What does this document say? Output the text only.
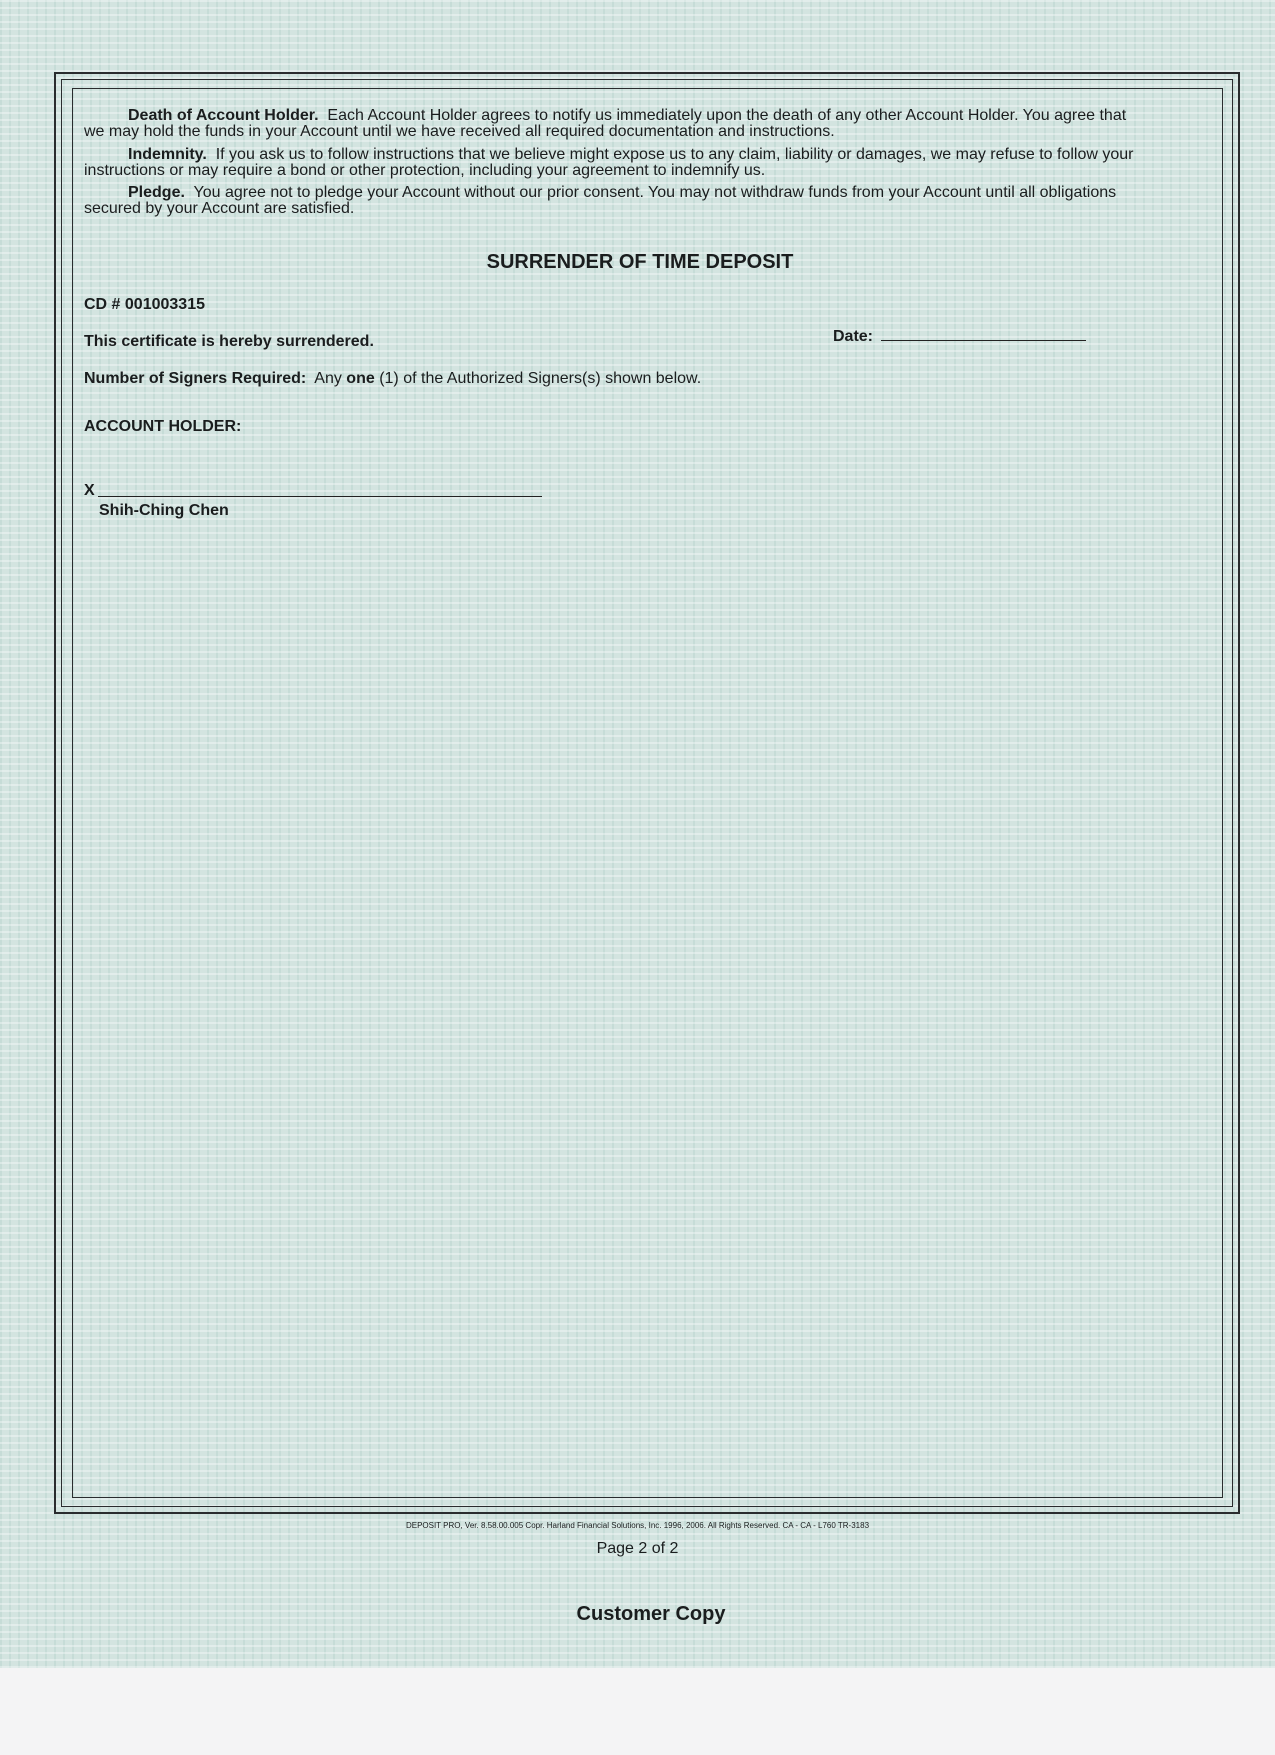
Death of Account Holder. Each Account Holder agrees to notify us immediately upon the death of any other Account Holder. You agree that
we may hold the funds in your Account until we have received all required documentation and instructions.

Indemnity. If you ask us to follow instructions that we believe might expose us to any claim, liability or damages, we may refuse to follow your
instructions or may require a bond or other protection, including your agreement to indemnify us.

Pledge. You agree not to pledge your Account without our prior consent. You may not withdraw funds from your Account until all obligations
secured by your Account are satisfied.

SURRENDER OF TIME DEPOSIT
CD # 001003315
This certificate is hereby surrendered.	Date:
Number of Signers Required: Any one (1) of the Authorized Signers(s) shown below.
ACCOUNT HOLDER:
X
Shih-Ching Chen
DEPOSIT PRO, Ver. 8.58.00.005 Copr. Harland Financial Solutions, Inc. 1996, 2006. All Rights Reserved. CA - CA - L760 TR-3183
Page 2 of 2
Customer Copy
